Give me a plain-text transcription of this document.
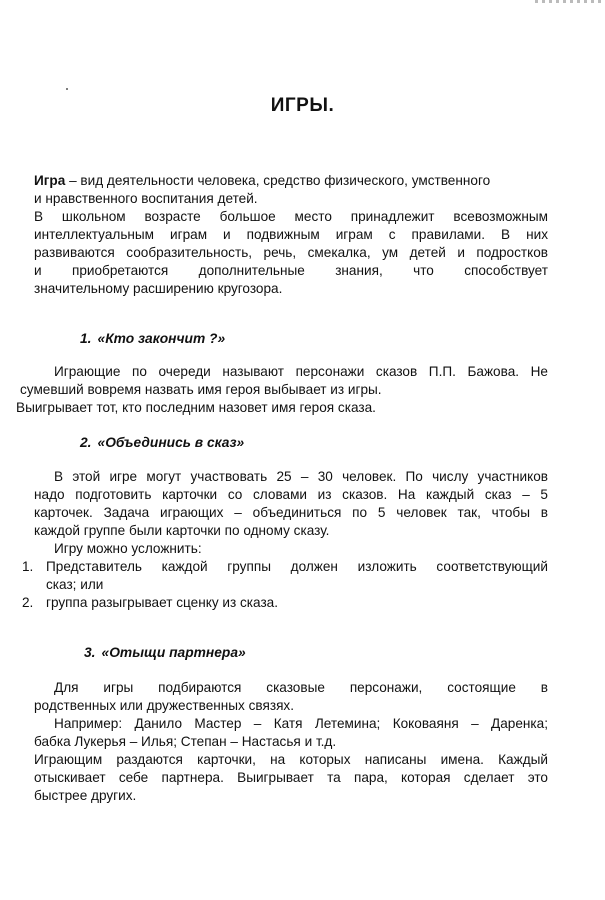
ИГРЫ.
Игра – вид деятельности человека, средство физического, умственного
и нравственного воспитания детей.
В школьном возрасте большое место принадлежит всевозможным
интеллектуальным играм и подвижным играм с правилами. В них
развиваются сообразительность, речь, смекалка, ум детей и подростков
и приобретаются дополнительные знания, что способствует
значительному расширению кругозора.
1. «Кто закончит ?»
Играющие по очереди называют персонажи сказов П.П. Бажова. Не
сумевший вовремя назвать имя героя выбывает из игры.
Выигрывает тот, кто последним назовет имя героя сказа.
2. «Объединись в сказ»
В этой игре могут участвовать 25 – 30 человек. По числу участников
надо подготовить карточки со словами из сказов. На каждый сказ – 5
карточек. Задача играющих – объединиться по 5 человек так, чтобы в
каждой группе были карточки по одному сказу.
Игру можно усложнить:
1. Представитель каждой группы должен изложить соответствующий
сказ; или
2. группа разыгрывает сценку из сказа.
3. «Отыщи партнера»
Для игры подбираются сказовые персонажи, состоящие в
родственных или дружественных связях.
Например: Данило Мастер – Катя Летемина; Коковаяня – Даренка;
бабка Лукерья – Илья; Степан – Настасья и т.д.
Играющим раздаются карточки, на которых написаны имена. Каждый
отыскивает себе партнера. Выигрывает та пара, которая сделает это
быстрее других.
